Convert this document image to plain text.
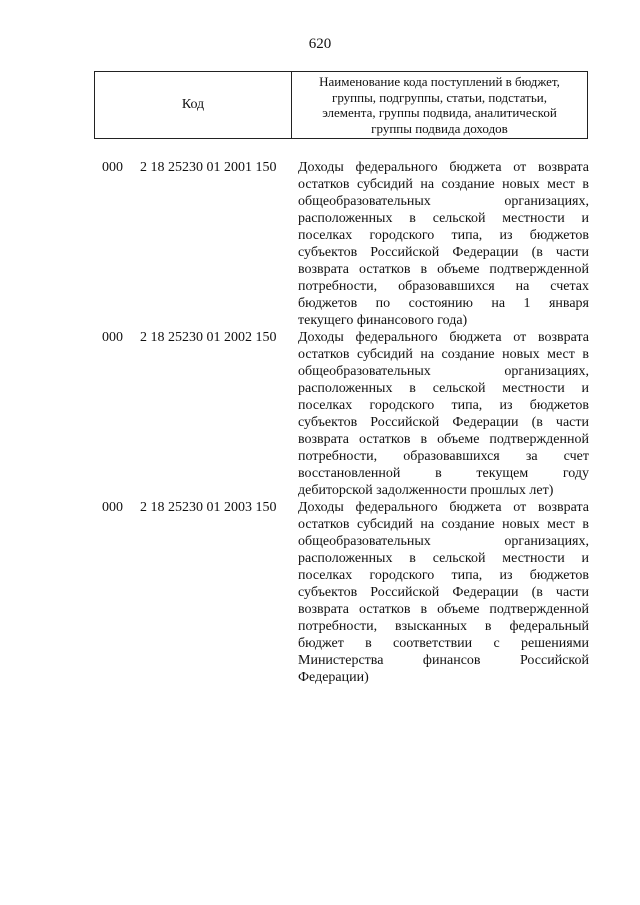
620
Код
Наименование кода поступлений в бюджет,
группы, подгруппы, статьи, подстатьи,
элемента, группы подвида, аналитической
группы подвида доходов
000 2 18 25230 01 2001 150 Доходы федерального бюджета от возврата
остатков субсидий на создание новых мест в
общеобразовательных организациях,
расположенных в сельской местности и
поселках городского типа, из бюджетов
субъектов Российской Федерации (в части
возврата остатков в объеме подтвержденной
потребности, образовавшихся на счетах
бюджетов по состоянию на 1 января
текущего финансового года)
000 2 18 25230 01 2002 150 Доходы федерального бюджета от возврата
остатков субсидий на создание новых мест в
общеобразовательных организациях,
расположенных в сельской местности и
поселках городского типа, из бюджетов
субъектов Российской Федерации (в части
возврата остатков в объеме подтвержденной
потребности, образовавшихся за счет
восстановленной в текущем году
дебиторской задолженности прошлых лет)
000 2 18 25230 01 2003 150 Доходы федерального бюджета от возврата
остатков субсидий на создание новых мест в
общеобразовательных организациях,
расположенных в сельской местности и
поселках городского типа, из бюджетов
субъектов Российской Федерации (в части
возврата остатков в объеме подтвержденной
потребности, взысканных в федеральный
бюджет в соответствии с решениями
Министерства финансов Российской
Федерации)
